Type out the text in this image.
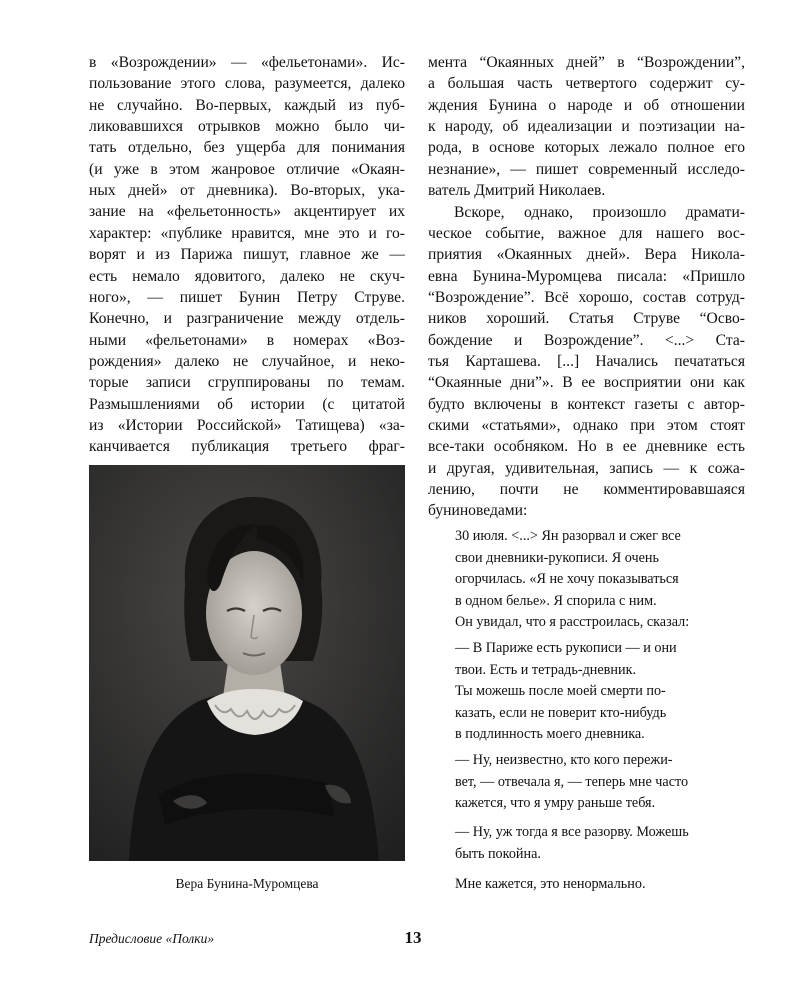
в «Возрождении» — «фельетонами». Ис-
пользование этого слова, разумеется, далеко
не случайно. Во-первых, каждый из пуб-
ликовавшихся отрывков можно было чи-
тать отдельно, без ущерба для понимания
(и уже в этом жанровое отличие «Окаян-
ных дней» от дневника). Во-вторых, ука-
зание на «фельетонность» акцентирует их
характер: «публике нравится, мне это и го-
ворят и из Парижа пишут, главное же —
есть немало ядовитого, далеко не скуч-
ного», — пишет Бунин Петру Струве.
Конечно, и разграничение между отдель-
ными «фельетонами» в номерах «Воз-
рождения» далеко не случайное, и неко-
торые записи сгруппированы по темам.
Размышлениями об истории (с цитатой
из «Истории Российской» Татищева) «за-
канчивается публикация третьего фраг-
мента “Окаянных дней” в “Возрождении”,
а большая часть четвертого содержит су-
ждения Бунина о народе и об отношении
к народу, об идеализации и поэтизации на-
рода, в основе которых лежало полное его
незнание», — пишет современный исследо-
ватель Дмитрий Николаев.
Вскоре, однако, произошло драмати-
ческое событие, важное для нашего вос-
приятия «Окаянных дней». Вера Никола-
евна Бунина-Муромцева писала: «Пришло
“Возрождение”. Всё хорошо, состав сотруд-
ников хороший. Статья Струве “Осво-
бождение и Возрождение”. <...> Ста-
тья Карташева. [...] Начались печататься
“Окаянные дни”». В ее восприятии они как
будто включены в контекст газеты с автор-
скими «статьями», однако при этом стоят
все-таки особняком. Но в ее дневнике есть
и другая, удивительная, запись — к сожа-
лению, почти не комментировавшаяся
буниноведами:
30 июля. <...> Ян разорвал и сжег все
свои дневники-рукописи. Я очень
огорчилась. «Я не хочу показываться
в одном белье». Я спорила с ним.
Он увидал, что я расстроилась, сказал:
— В Париже есть рукописи — и они
твои. Есть и тетрадь-дневник.
Ты можешь после моей смерти по-
казать, если не поверит кто-нибудь
в подлинность моего дневника.
— Ну, неизвестно, кто кого пережи-
вет, — отвечала я, — теперь мне часто
кажется, что я умру раньше тебя.
— Ну, уж тогда я все разорву. Можешь
быть покойна.
Мне кажется, это ненормально.
Вера Бунина-Муромцева
Предисловие «Полки»	13
